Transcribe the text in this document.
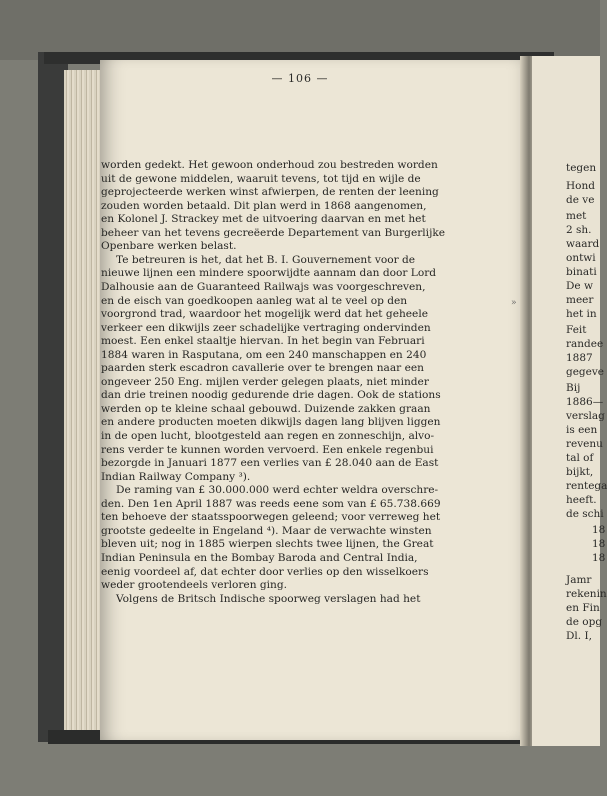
tegen
Hond
de ve
met
2 sh.
waard
ontwi
binati
De w
meer
het in
Feit
randee
1887
gegeve
Bij
1886—
verslag
is een
revenu
tal of
bijkt,
rentega
heeft.
de schi
18
18
18
Jamr
rekenin
en Fin
de opg
Dl. I,
— 106 —
worden gedekt. Het gewoon onderhoud zou bestreden worden
uit de gewone middelen, waaruit tevens, tot tijd en wijle de
geprojecteerde werken winst afwierpen, de renten der leening
zouden worden betaald. Dit plan werd in 1868 aangenomen,
en Kolonel J. Strackey met de uitvoering daarvan en met het
beheer van het tevens gecreëerde Departement van Burgerlijke
Openbare werken belast.
Te betreuren is het, dat het B. I. Gouvernement voor de
nieuwe lijnen een mindere spoorwijdte aannam dan door Lord
Dalhousie aan de Guaranteed Railwajs was voorgeschreven,
en de eisch van goedkoopen aanleg wat al te veel op den
voorgrond trad, waardoor het mogelijk werd dat het geheele
verkeer een dikwijls zeer schadelijke vertraging ondervinden
moest. Een enkel staaltje hiervan. In het begin van Februari
1884 waren in Rasputana, om een 240 manschappen en 240
paarden sterk escadron cavallerie over te brengen naar een
ongeveer 250 Eng. mijlen verder gelegen plaats, niet minder
dan drie treinen noodig gedurende drie dagen. Ook de stations
werden op te kleine schaal gebouwd. Duizende zakken graan
en andere producten moeten dikwijls dagen lang blijven liggen
in de open lucht, blootgesteld aan regen en zonneschijn, alvo-
rens verder te kunnen worden vervoerd. Een enkele regenbui
bezorgde in Januari 1877 een verlies van £ 28.040 aan de East
Indian Railway Company ³).
De raming van £ 30.000.000 werd echter weldra overschre-
den. Den 1en April 1887 was reeds eene som van £ 65.738.669
ten behoeve der staatsspoorwegen geleend; voor verreweg het
grootste gedeelte in Engeland ⁴). Maar de verwachte winsten
bleven uit; nog in 1885 wierpen slechts twee lijnen, the Great
Indian Peninsula en the Bombay Baroda and Central India,
eenig voordeel af, dat echter door verlies op den wisselkoers
weder grootendeels verloren ging.
Volgens de Britsch Indische spoorweg verslagen had het
»
